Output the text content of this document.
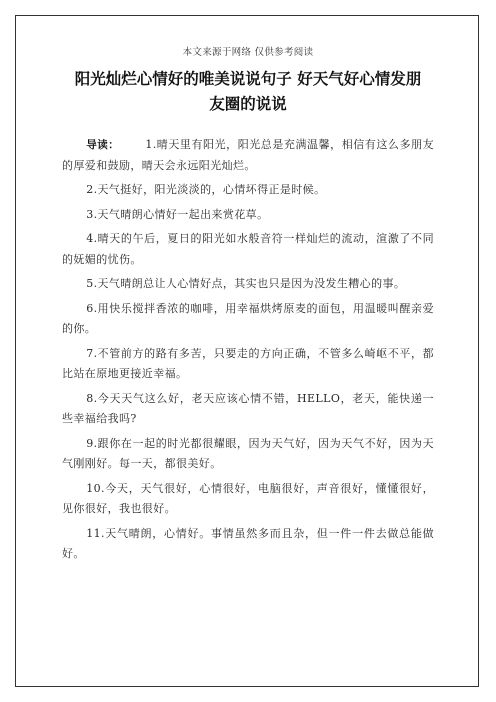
本文来源于网络 仅供参考阅读
阳光灿烂心情好的唯美说说句子 好天气好心情发朋
友圈的说说

导读： 1.晴天里有阳光，阳光总是充满温馨，相信有这么多朋友的厚爱和鼓励，晴天会永远阳光灿烂。

2.天气挺好，阳光淡淡的，心情坏得正是时候。

3.天气晴朗心情好一起出来赏花草。

4.晴天的午后，夏日的阳光如水般音符一样灿烂的流动，渲激了不同的妩媚的忧伤。

5.天气晴朗总让人心情好点，其实也只是因为没发生糟心的事。

6.用快乐搅拌香浓的咖啡，用幸福烘烤原麦的面包，用温暖叫醒亲爱的你。

7.不管前方的路有多苦，只要走的方向正确，不管多么崎岖不平，都比站在原地更接近幸福。

8.今天天气这么好，老天应该心情不错，HELLO，老天，能快递一些幸福给我吗?

9.跟你在一起的时光都很耀眼，因为天气好，因为天气不好，因为天气刚刚好。每一天，都很美好。

10.今天，天气很好，心情很好，电脑很好，声音很好，懂懂很好，见你很好，我也很好。

11.天气晴朗，心情好。事情虽然多而且杂，但一件一件去做总能做好。
